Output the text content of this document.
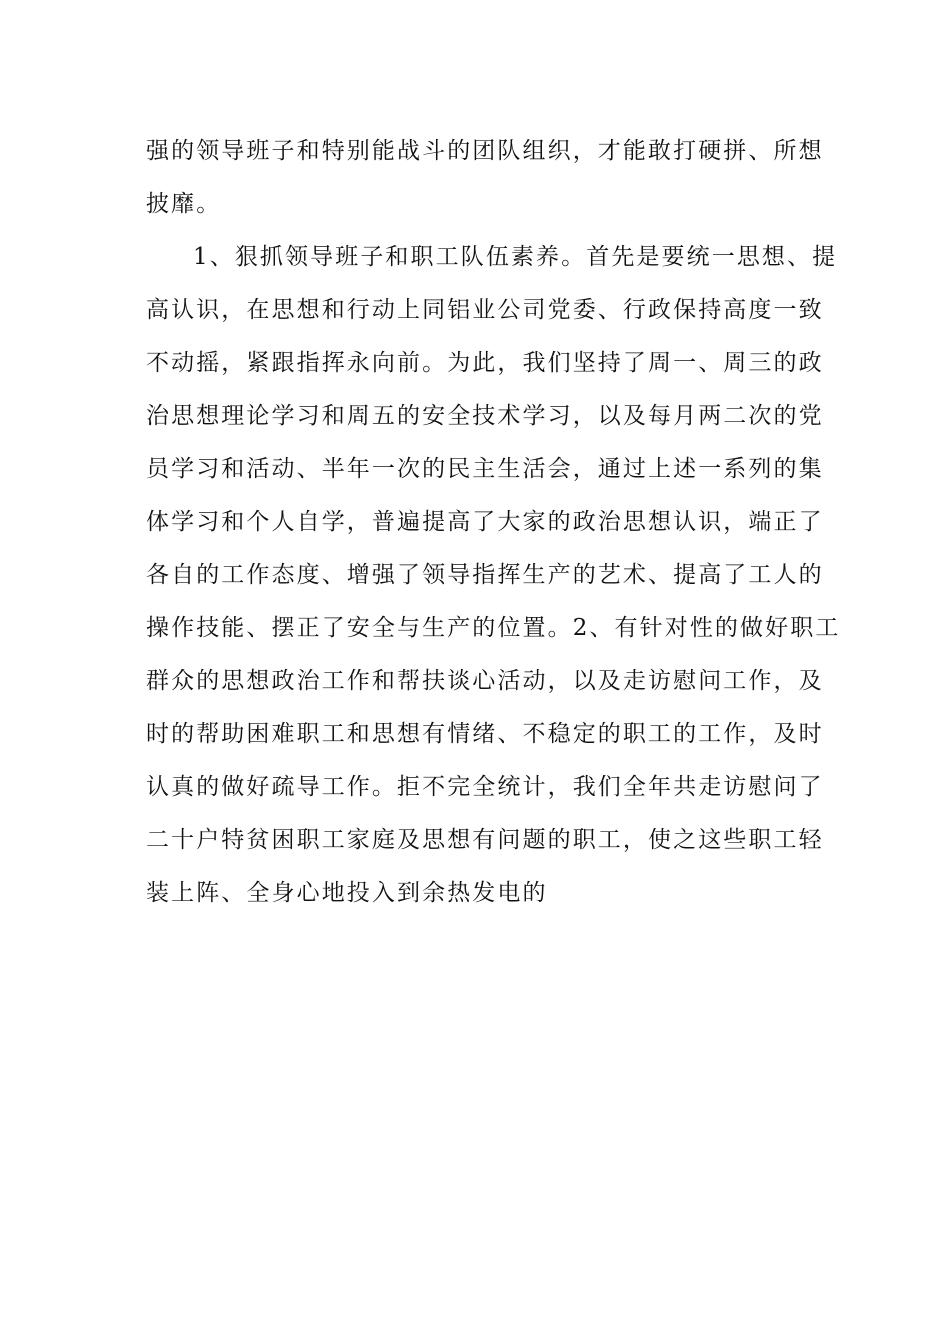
强的领导班子和特别能战斗的团队组织，才能敢打硬拼、所想
披靡。
1、狠抓领导班子和职工队伍素养。首先是要统一思想、提
高认识，在思想和行动上同铝业公司党委、行政保持高度一致
不动摇，紧跟指挥永向前。为此，我们坚持了周一、周三的政
治思想理论学习和周五的安全技术学习，以及每月两二次的党
员学习和活动、半年一次的民主生活会，通过上述一系列的集
体学习和个人自学，普遍提高了大家的政治思想认识，端正了
各自的工作态度、增强了领导指挥生产的艺术、提高了工人的
操作技能、摆正了安全与生产的位置。2、有针对性的做好职工
群众的思想政治工作和帮扶谈心活动，以及走访慰问工作，及
时的帮助困难职工和思想有情绪、不稳定的职工的工作，及时
认真的做好疏导工作。拒不完全统计，我们全年共走访慰问了
二十户特贫困职工家庭及思想有问题的职工，使之这些职工轻
装上阵、全身心地投入到余热发电的
